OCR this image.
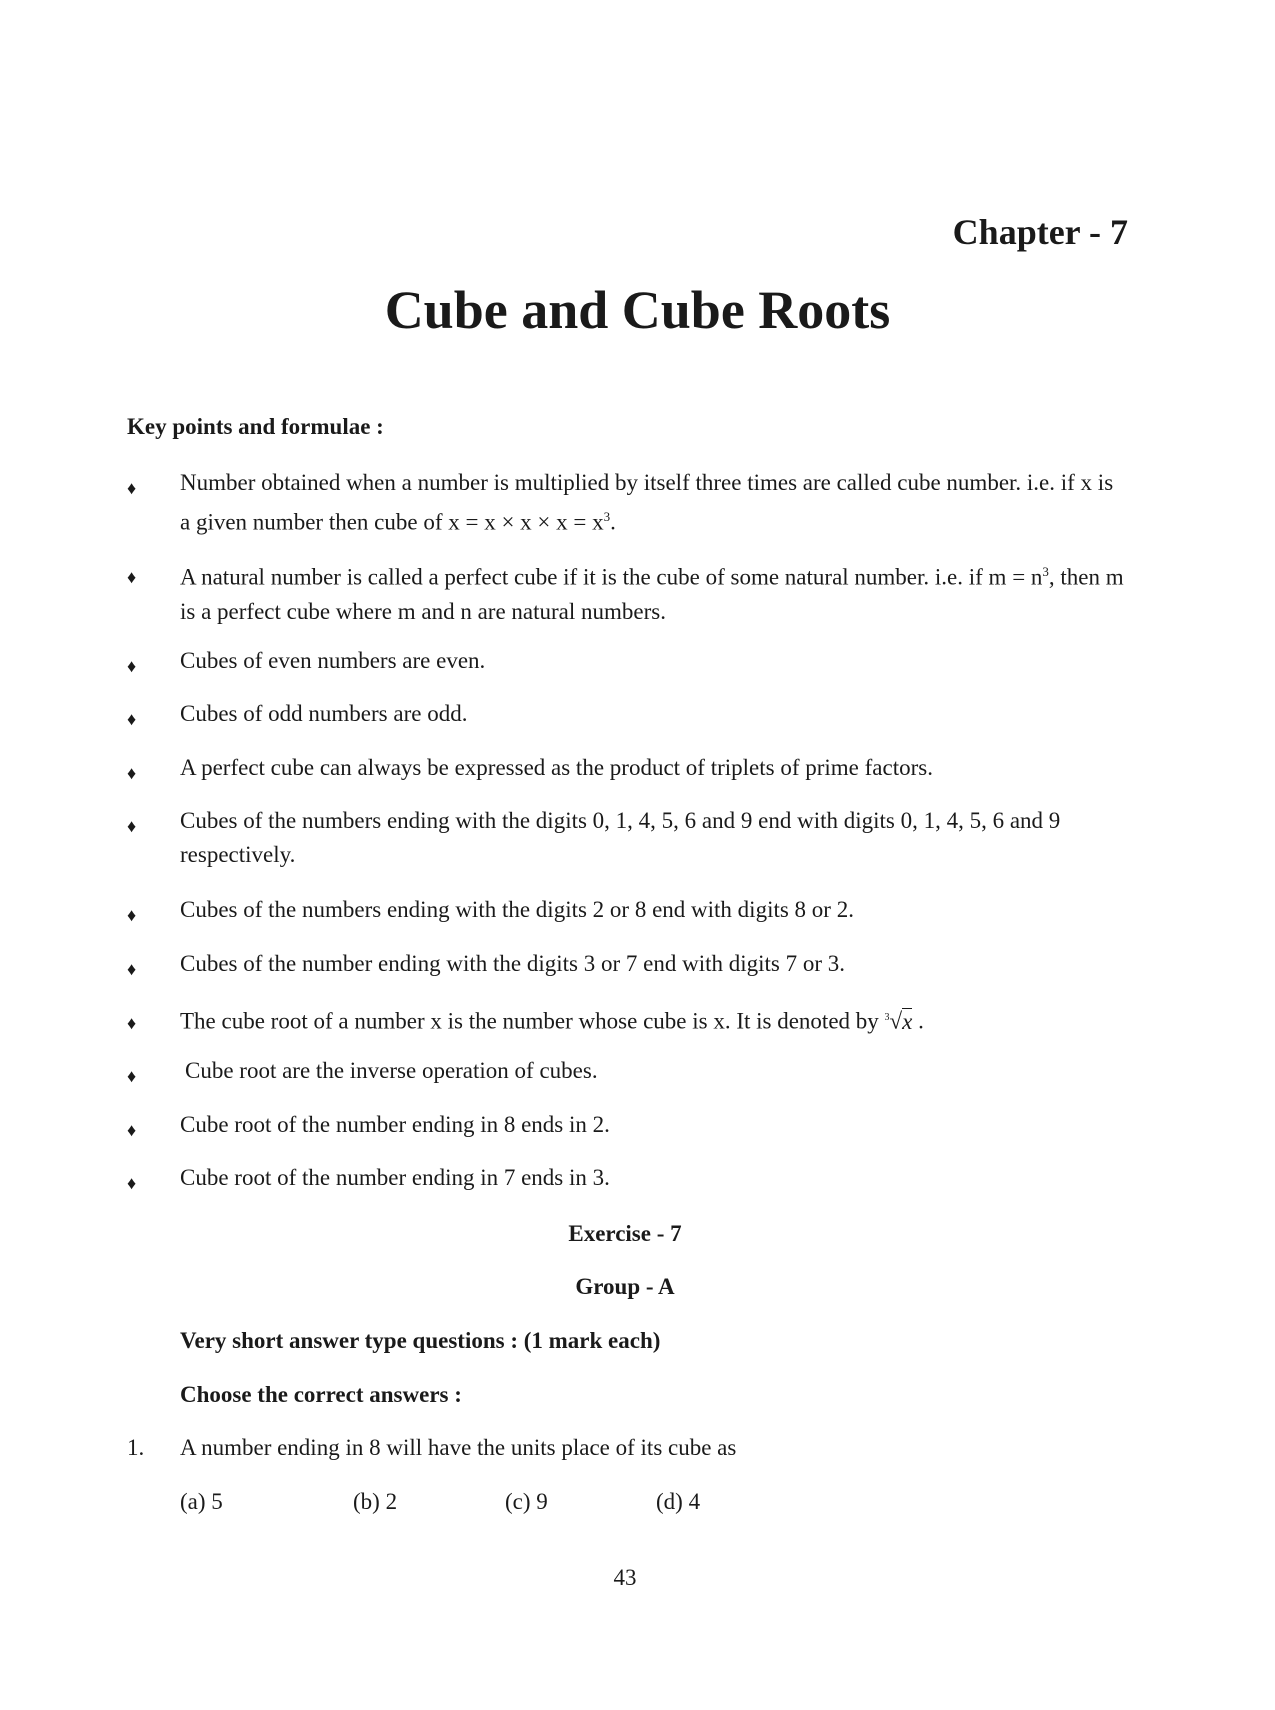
Chapter - 7
Cube and Cube Roots
Key points and formulae :
♦ Number obtained when a number is multiplied by itself three times are called cube number. i.e. if x is
a given number then cube of $x = x \times x \times x = x^3$.
♦ A natural number is called a perfect cube if it is the cube of some natural number. i.e. if $m = n^3$, then m
is a perfect cube where m and n are natural numbers.
♦ Cubes of even numbers are even.
♦ Cubes of odd numbers are odd.
♦ A perfect cube can always be expressed as the product of triplets of prime factors.
♦ Cubes of the numbers ending with the digits 0, 1, 4, 5, 6 and 9 end with digits 0, 1, 4, 5, 6 and 9
respectively.
♦ Cubes of the numbers ending with the digits 2 or 8 end with digits 8 or 2.
♦ Cubes of the number ending with the digits 3 or 7 end with digits 7 or 3.
♦ The cube root of a number x is the number whose cube is x. It is denoted by $^3$√x .
♦ Cube root are the inverse operation of cubes.
♦ Cube root of the number ending in 8 ends in 2.
♦ Cube root of the number ending in 7 ends in 3.
Exercise - 7
Group - A
Very short answer type questions : (1 mark each)
Choose the correct answers :
1. A number ending in 8 will have the units place of its cube as
(a) 5	(b) 2	(c) 9	(d) 4
43
